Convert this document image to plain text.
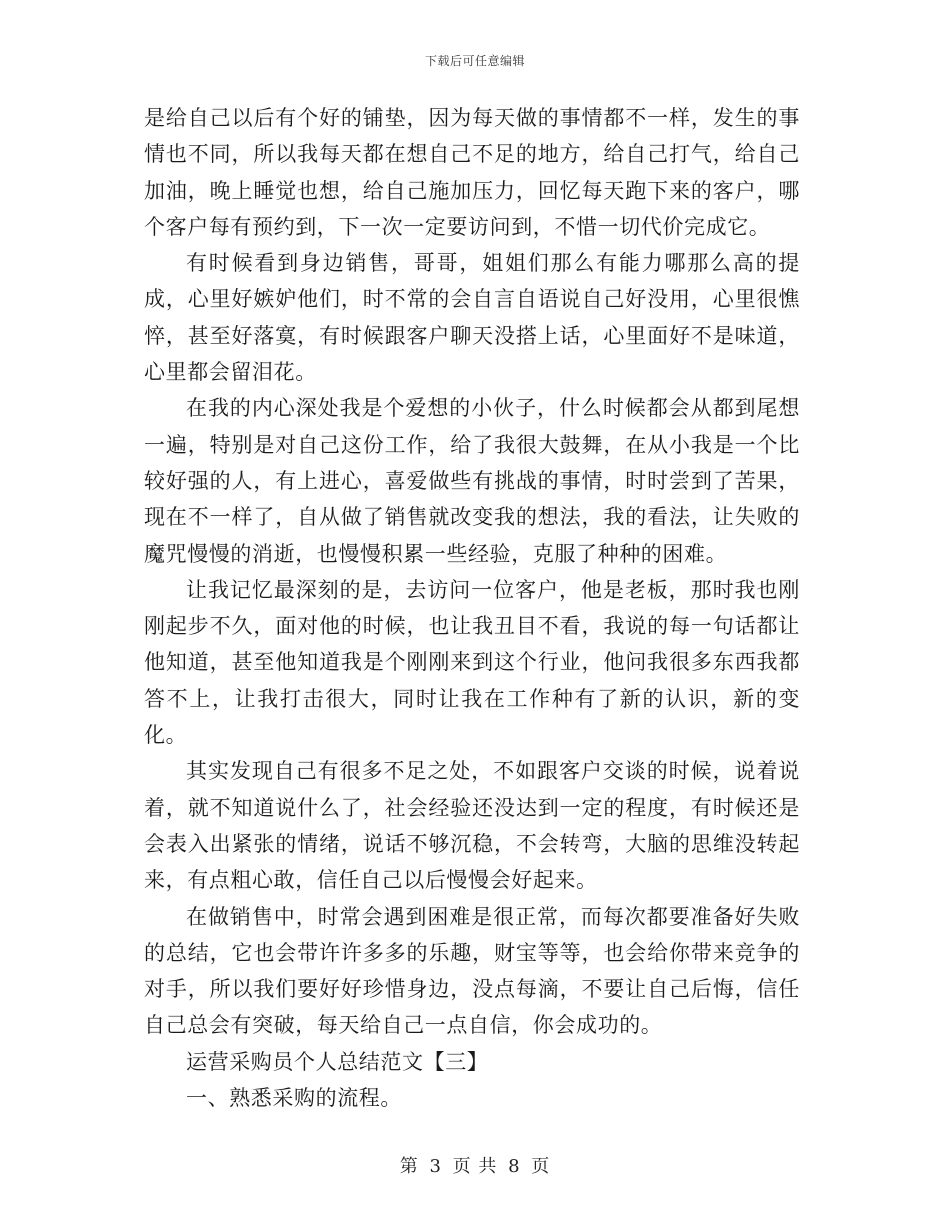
下载后可任意编辑

是给自己以后有个好的铺垫，因为每天做的事情都不一样，发生的事情也不同，所以我每天都在想自己不足的地方，给自己打气，给自己加油，晚上睡觉也想，给自己施加压力，回忆每天跑下来的客户，哪个客户每有预约到，下一次一定要访问到，不惜一切代价完成它。

有时候看到身边销售，哥哥，姐姐们那么有能力哪那么高的提成，心里好嫉妒他们，时不常的会自言自语说自己好没用，心里很憔悴，甚至好落寞，有时候跟客户聊天没搭上话，心里面好不是味道，心里都会留泪花。

在我的内心深处我是个爱想的小伙子，什么时候都会从都到尾想一遍，特别是对自己这份工作，给了我很大鼓舞，在从小我是一个比较好强的人，有上进心，喜爱做些有挑战的事情，时时尝到了苦果，现在不一样了，自从做了销售就改变我的想法，我的看法，让失败的魔咒慢慢的消逝，也慢慢积累一些经验，克服了种种的困难。

让我记忆最深刻的是，去访问一位客户，他是老板，那时我也刚刚起步不久，面对他的时候，也让我丑目不看，我说的每一句话都让他知道，甚至他知道我是个刚刚来到这个行业，他问我很多东西我都答不上，让我打击很大，同时让我在工作种有了新的认识，新的变化。

其实发现自己有很多不足之处，不如跟客户交谈的时候，说着说着，就不知道说什么了，社会经验还没达到一定的程度，有时候还是会表入出紧张的情绪，说话不够沉稳，不会转弯，大脑的思维没转起来，有点粗心敢，信任自己以后慢慢会好起来。

在做销售中，时常会遇到困难是很正常，而每次都要准备好失败的总结，它也会带许许多多的乐趣，财宝等等，也会给你带来竞争的对手，所以我们要好好珍惜身边，没点每滴，不要让自己后悔，信任自己总会有突破，每天给自己一点自信，你会成功的。

运营采购员个人总结范文【三】

一、熟悉采购的流程。

第 3 页 共 8 页
